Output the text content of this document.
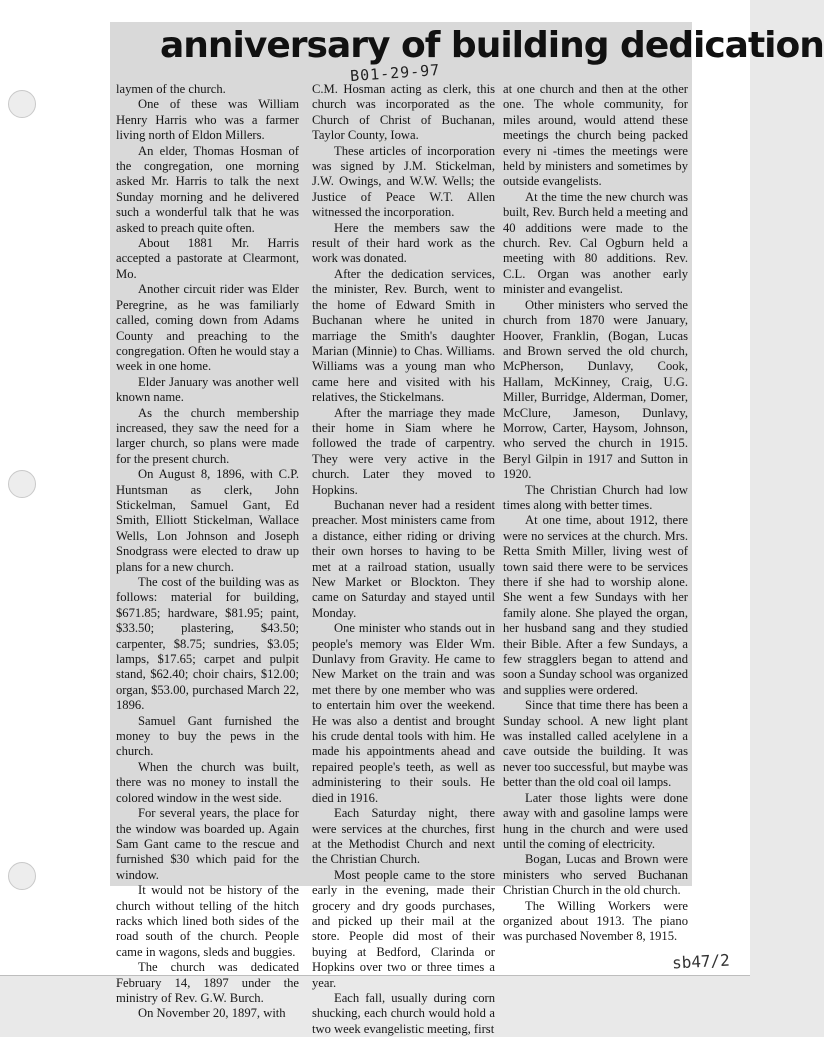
anniversary of building dedication
B01-29-97

laymen of the church.

One of these was William Henry Harris who was a farmer living north of Eldon Millers.

An elder, Thomas Hosman of the congregation, one morning asked Mr. Harris to talk the next Sunday morning and he delivered such a wonderful talk that he was asked to preach quite often.

About 1881 Mr. Harris accepted a pastorate at Clearmont, Mo.

Another circuit rider was Elder Peregrine, as he was familiarly called, coming down from Adams County and preaching to the congregation. Often he would stay a week in one home.

Elder January was another well known name.

As the church membership increased, they saw the need for a larger church, so plans were made for the present church.

On August 8, 1896, with C.P. Huntsman as clerk, John Stickelman, Samuel Gant, Ed Smith, Elliott Stickelman, Wallace Wells, Lon Johnson and Joseph Snodgrass were elected to draw up plans for a new church.

The cost of the building was as follows: material for building, $671.85; hardware, $81.95; paint, $33.50; plastering, $43.50; carpenter, $8.75; sundries, $3.05; lamps, $17.65; carpet and pulpit stand, $62.40; choir chairs, $12.00; organ, $53.00, purchased March 22, 1896.

Samuel Gant furnished the money to buy the pews in the church.

When the church was built, there was no money to install the colored window in the west side.

For several years, the place for the window was boarded up. Again Sam Gant came to the rescue and furnished $30 which paid for the window.

It would not be history of the church without telling of the hitch racks which lined both sides of the road south of the church. People came in wagons, sleds and buggies.

The church was dedicated February 14, 1897 under the ministry of Rev. G.W. Burch.

On November 20, 1897, with

C.M. Hosman acting as clerk, this church was incorporated as the Church of Christ of Buchanan, Taylor County, Iowa.

These articles of incorporation was signed by J.M. Stickelman, J.W. Owings, and W.W. Wells; the Justice of Peace W.T. Allen witnessed the incorporation.

Here the members saw the result of their hard work as the work was donated.

After the dedication services, the minister, Rev. Burch, went to the home of Edward Smith in Buchanan where he united in marriage the Smith's daughter Marian (Minnie) to Chas. Williams. Williams was a young man who came here and visited with his relatives, the Stickelmans.

After the marriage they made their home in Siam where he followed the trade of carpentry. They were very active in the church. Later they moved to Hopkins.

Buchanan never had a resident preacher. Most ministers came from a distance, either riding or driving their own horses to having to be met at a railroad station, usually New Market or Blockton. They came on Saturday and stayed until Monday.

One minister who stands out in people's memory was Elder Wm. Dunlavy from Gravity. He came to New Market on the train and was met there by one member who was to entertain him over the weekend. He was also a dentist and brought his crude dental tools with him. He made his appointments ahead and repaired people's teeth, as well as administering to their souls. He died in 1916.

Each Saturday night, there were services at the churches, first at the Methodist Church and next the Christian Church.

Most people came to the store early in the evening, made their grocery and dry goods purchases, and picked up their mail at the store. People did most of their buying at Bedford, Clarinda or Hopkins over two or three times a year.

Each fall, usually during corn shucking, each church would hold a two week evangelistic meeting, first

at one church and then at the other one. The whole community, for miles around, would attend these meetings the church being packed every ni -times the meetings were held by ministers and sometimes by outside evangelists.

At the time the new church was built, Rev. Burch held a meeting and 40 additions were made to the church. Rev. Cal Ogburn held a meeting with 80 additions. Rev. C.L. Organ was another early minister and evangelist.

Other ministers who served the church from 1870 were January, Hoover, Franklin, (Bogan, Lucas and Brown served the old church, McPherson, Dunlavy, Cook, Hallam, McKinney, Craig, U.G. Miller, Burridge, Alderman, Domer, McClure, Jameson, Dunlavy, Morrow, Carter, Haysom, Johnson, who served the church in 1915. Beryl Gilpin in 1917 and Sutton in 1920.

The Christian Church had low times along with better times.

At one time, about 1912, there were no services at the church. Mrs. Retta Smith Miller, living west of town said there were to be services there if she had to worship alone. She went a few Sundays with her family alone. She played the organ, her husband sang and they studied their Bible. After a few Sundays, a few stragglers began to attend and soon a Sunday school was organized and supplies were ordered.

Since that time there has been a Sunday school. A new light plant was installed called acelylene in a cave outside the building. It was never too successful, but maybe was better than the old coal oil lamps.

Later those lights were done away with and gasoline lamps were hung in the church and were used until the coming of electricity.

Bogan, Lucas and Brown were ministers who served Buchanan Christian Church in the old church.

The Willing Workers were organized about 1913. The piano was purchased November 8, 1915.

sb47/2
